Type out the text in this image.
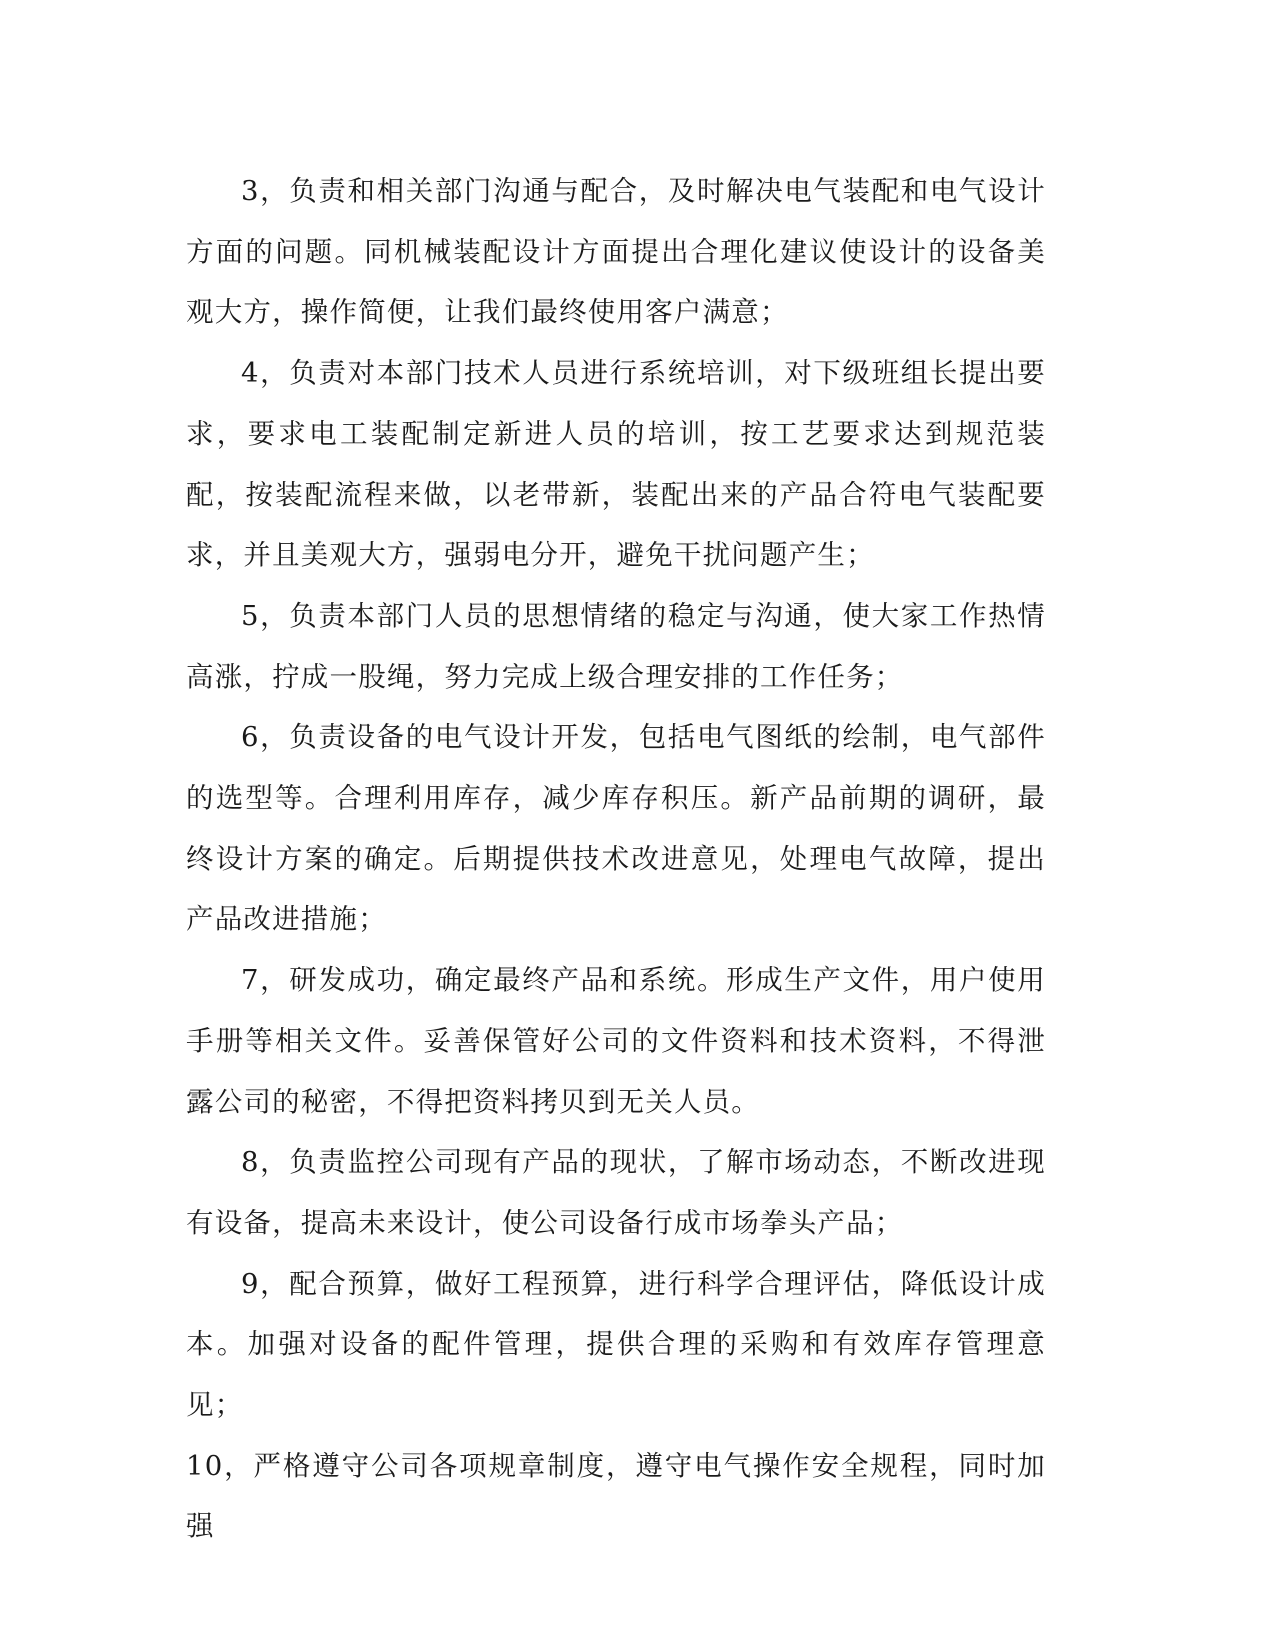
3，负责和相关部门沟通与配合，及时解决电气装配和电气设计方面的问题。同机械装配设计方面提出合理化建议使设计的设备美观大方，操作简便，让我们最终使用客户满意；

4，负责对本部门技术人员进行系统培训，对下级班组长提出要求，要求电工装配制定新进人员的培训，按工艺要求达到规范装配，按装配流程来做，以老带新，装配出来的产品合符电气装配要求，并且美观大方，强弱电分开，避免干扰问题产生；

5，负责本部门人员的思想情绪的稳定与沟通，使大家工作热情高涨，拧成一股绳，努力完成上级合理安排的工作任务；

6，负责设备的电气设计开发，包括电气图纸的绘制，电气部件的选型等。合理利用库存，减少库存积压。新产品前期的调研，最终设计方案的确定。后期提供技术改进意见，处理电气故障，提出产品改进措施；

7，研发成功，确定最终产品和系统。形成生产文件，用户使用手册等相关文件。妥善保管好公司的文件资料和技术资料，不得泄露公司的秘密，不得把资料拷贝到无关人员。

8，负责监控公司现有产品的现状，了解市场动态，不断改进现有设备，提高未来设计，使公司设备行成市场拳头产品；

9，配合预算，做好工程预算，进行科学合理评估，降低设计成本。加强对设备的配件管理，提供合理的采购和有效库存管理意见；

10，严格遵守公司各项规章制度，遵守电气操作安全规程，同时加强
